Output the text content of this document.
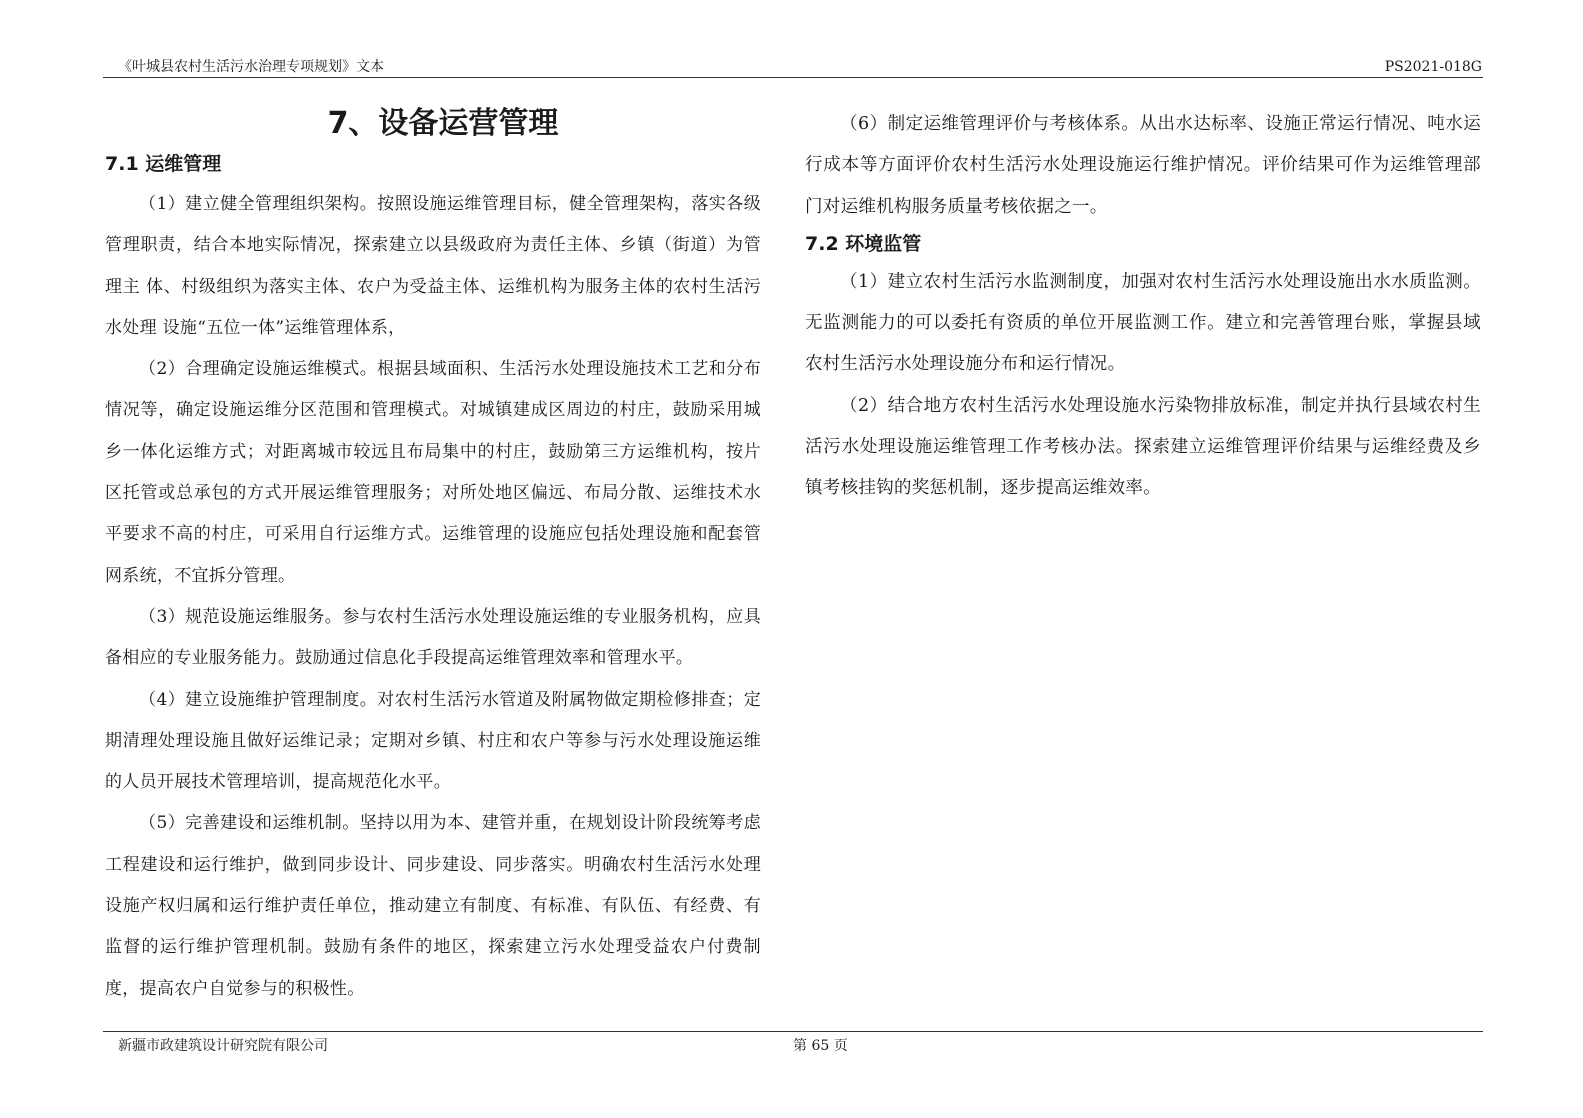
《叶城县农村生活污水治理专项规划》文本	PS2021-018G
7、设备运营管理
7.1 运维管理

（1）建立健全管理组织架构。按照设施运维管理目标，健全管理架构，落实各级管理职责，结合本地实际情况，探索建立以县级政府为责任主体、乡镇（街道）为管理主 体、村级组织为落实主体、农户为受益主体、运维机构为服务主体的农村生活污水处理 设施“五位一体”运维管理体系，

（2）合理确定设施运维模式。根据县域面积、生活污水处理设施技术工艺和分布情况等，确定设施运维分区范围和管理模式。对城镇建成区周边的村庄，鼓励采用城乡一体化运维方式；对距离城市较远且布局集中的村庄，鼓励第三方运维机构，按片区托管或总承包的方式开展运维管理服务；对所处地区偏远、布局分散、运维技术水平要求不高的村庄，可采用自行运维方式。运维管理的设施应包括处理设施和配套管网系统，不宜拆分管理。

（3）规范设施运维服务。参与农村生活污水处理设施运维的专业服务机构，应具备相应的专业服务能力。鼓励通过信息化手段提高运维管理效率和管理水平。

（4）建立设施维护管理制度。对农村生活污水管道及附属物做定期检修排查；定期清理处理设施且做好运维记录；定期对乡镇、村庄和农户等参与污水处理设施运维的人员开展技术管理培训，提高规范化水平。

（5）完善建设和运维机制。坚持以用为本、建管并重，在规划设计阶段统筹考虑工程建设和运行维护，做到同步设计、同步建设、同步落实。明确农村生活污水处理设施产权归属和运行维护责任单位，推动建立有制度、有标准、有队伍、有经费、有监督的运行维护管理机制。鼓励有条件的地区，探索建立污水处理受益农户付费制度，提高农户自觉参与的积极性。

（6）制定运维管理评价与考核体系。从出水达标率、设施正常运行情况、吨水运行成本等方面评价农村生活污水处理设施运行维护情况。评价结果可作为运维管理部门对运维机构服务质量考核依据之一。

7.2 环境监管

（1）建立农村生活污水监测制度，加强对农村生活污水处理设施出水水质监测。无监测能力的可以委托有资质的单位开展监测工作。建立和完善管理台账，掌握县域农村生活污水处理设施分布和运行情况。

（2）结合地方农村生活污水处理设施水污染物排放标准，制定并执行县域农村生活污水处理设施运维管理工作考核办法。探索建立运维管理评价结果与运维经费及乡镇考核挂钩的奖惩机制，逐步提高运维效率。

新疆市政建筑设计研究院有限公司	第 65 页
